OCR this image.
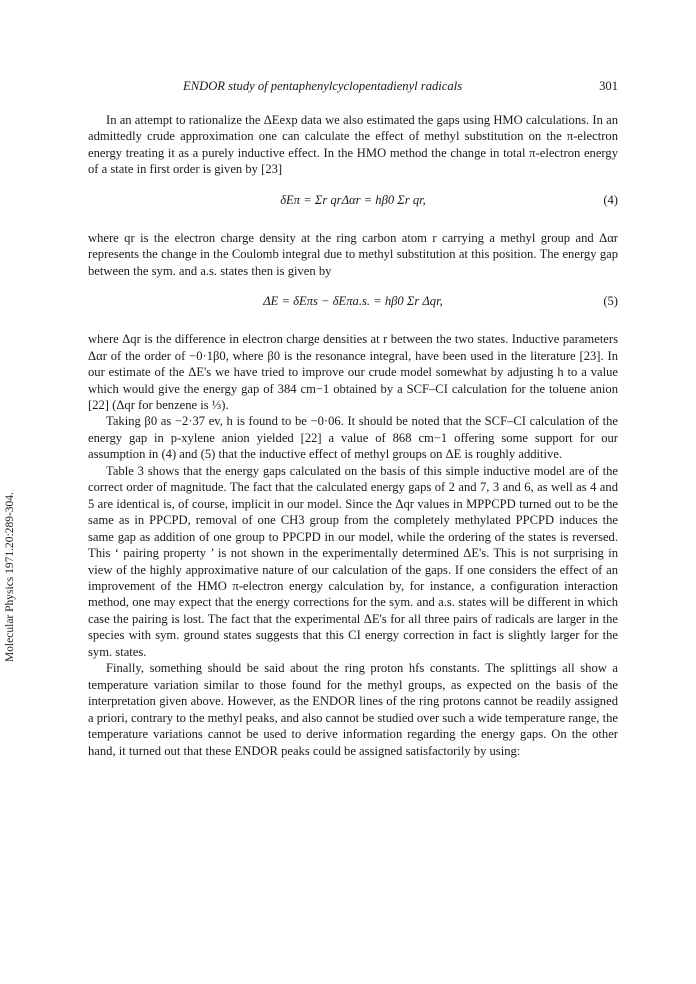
Molecular Physics 1971.20:289-304.
ENDOR study of pentaphenylcyclopentadienyl radicals	301

In an attempt to rationalize the ΔEexp data we also estimated the gaps using HMO calculations. In an admittedly crude approximation one can calculate the effect of methyl substitution on the π-electron energy treating it as a purely inductive effect. In the HMO method the change in total π-electron energy of a state in first order is given by [23]

δEπ = Σr qrΔαr = hβ0 Σr qr,	(4)

where qr is the electron charge density at the ring carbon atom r carrying a methyl group and Δαr represents the change in the Coulomb integral due to methyl substitution at this position. The energy gap between the sym. and a.s. states then is given by

ΔE = δEπs − δEπa.s. = hβ0 Σr Δqr,	(5)

where Δqr is the difference in electron charge densities at r between the two states. Inductive parameters Δαr of the order of −0·1β0, where β0 is the resonance integral, have been used in the literature [23]. In our estimate of the ΔE's we have tried to improve our crude model somewhat by adjusting h to a value which would give the energy gap of 384 cm−1 obtained by a SCF–CI calculation for the toluene anion [22] (Δqr for benzene is ⅓).

Taking β0 as −2·37 ev, h is found to be −0·06. It should be noted that the SCF–CI calculation of the energy gap in p-xylene anion yielded [22] a value of 868 cm−1 offering some support for our assumption in (4) and (5) that the inductive effect of methyl groups on ΔE is roughly additive.

Table 3 shows that the energy gaps calculated on the basis of this simple inductive model are of the correct order of magnitude. The fact that the calculated energy gaps of 2 and 7, 3 and 6, as well as 4 and 5 are identical is, of course, implicit in our model. Since the Δqr values in MPPCPD turned out to be the same as in PPCPD, removal of one CH3 group from the completely methylated PPCPD induces the same gap as addition of one group to PPCPD in our model, while the ordering of the states is reversed. This ‘ pairing property ’ is not shown in the experimentally determined ΔE's. This is not surprising in view of the highly approximative nature of our calculation of the gaps. If one considers the effect of an improvement of the HMO π-electron energy calculation by, for instance, a configuration interaction method, one may expect that the energy corrections for the sym. and a.s. states will be different in which case the pairing is lost. The fact that the experimental ΔE's for all three pairs of radicals are larger in the species with sym. ground states suggests that this CI energy correction in fact is slightly larger for the sym. states.

Finally, something should be said about the ring proton hfs constants. The splittings all show a temperature variation similar to those found for the methyl groups, as expected on the basis of the interpretation given above. However, as the ENDOR lines of the ring protons cannot be readily assigned a priori, contrary to the methyl peaks, and also cannot be studied over such a wide temperature range, the temperature variations cannot be used to derive information regarding the energy gaps. On the other hand, it turned out that these ENDOR peaks could be assigned satisfactorily by using:
